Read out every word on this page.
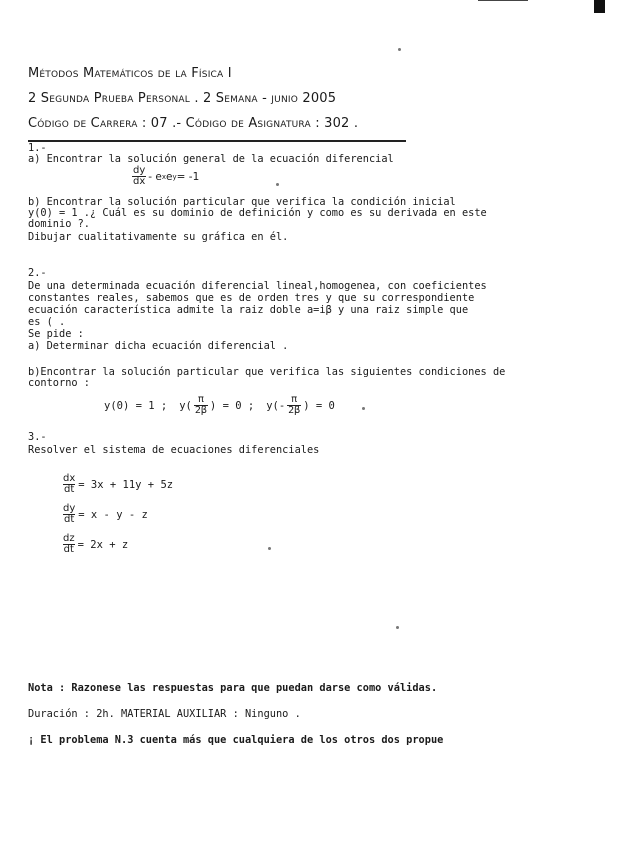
Métodos Matemáticos de la Física I
2 Segunda Prueba Personal . 2 Semana - junio 2005
Código de Carrera : 07 .- Código de Asignatura : 302 .
1.-
a) Encontrar la solución general de la ecuación diferencial
$\frac{dy}{dx}$ - e x e y = -1
b) Encontrar la solución particular que verifica la condición inicial
y(0) = 1 .¿ Cuál es su dominio de definición y como es su derivada en este
dominio ?.
Dibujar cualitativamente su gráfica en él.
2.-
De una determinada ecuación diferencial lineal,homogenea, con coeficientes
constantes reales, sabemos que es de orden tres y que su correspondiente
ecuación característica admite la raiz doble a=iβ y una raiz simple que
es ( .
Se pide :
a) Determinar dicha ecuación diferencial .
b)Encontrar la solución particular que verifica las siguientes condiciones de
contorno :
y(0) = 1 ; $y( \frac{\pi}{2\beta}$ ) = 0 ; $y(- \frac{\pi}{2\beta}$ ) = 0
3.-
Resolver el sistema de ecuaciones diferenciales
$\frac{dx}{dt} = 3x + 11y + 5z$
$\frac{dy}{dt} = x - y - z$
$\frac{dz}{dt} = 2x + z$
Nota : Razonese las respuestas para que puedan darse como válidas.
Duración : 2h. MATERIAL AUXILIAR : Ninguno .
¡ El problema N.3 cuenta más que cualquiera de los otros dos propue
